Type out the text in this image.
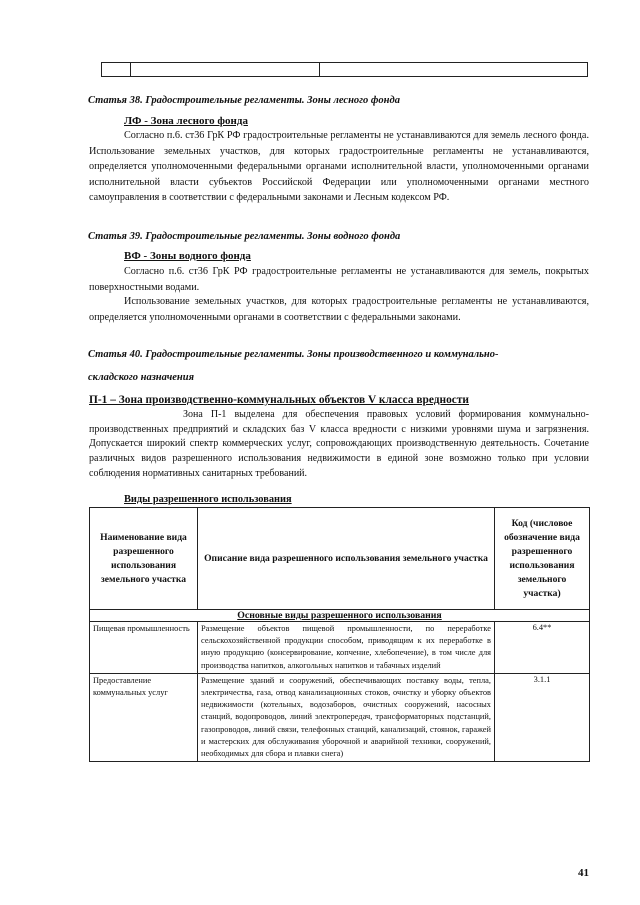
Статья 38. Градостроительные регламенты. Зоны лесного фонда
ЛФ - Зона лесного фонда

Согласно п.6. ст36 ГрК РФ градостроительные регламенты не устанавливаются для земель лесного фонда. Использование земельных участков, для которых градостроительные регламенты не устанавливаются, определяется уполномоченными федеральными органами исполнительной власти, уполномоченными органами исполнительной власти субъектов Российской Федерации или уполномоченными органами местного самоуправления в соответствии с федеральными законами и Лесным кодексом РФ.

Статья 39. Градостроительные регламенты. Зоны водного фонда
ВФ - Зоны водного фонда

Согласно п.6. ст36 ГрК РФ градостроительные регламенты не устанавливаются для земель, покрытых поверхностными водами.

Использование земельных участков, для которых градостроительные регламенты не устанавливаются, определяется уполномоченными органами в соответствии с федеральными законами.

Статья 40. Градостроительные регламенты. Зоны производственного и коммунально-
складского назначения
П-1 – Зона производственно-коммунальных объектов V класса вредности

Зона П-1 выделена для обеспечения правовых условий формирования коммунально-производственных предприятий и складских баз V класса вредности с низкими уровнями шума и загрязнения. Допускается широкий спектр коммерческих услуг, сопровождающих производственную деятельность. Сочетание различных видов разрешенного использования недвижимости в единой зоне возможно только при условии соблюдения нормативных санитарных требований.

Виды разрешенного использования
Наименование вида разрешенного использования земельного участка	Описание вида разрешенного использования земельного участка	Код (числовое обозначение вида разрешенного использования земельного участка)
Основные виды разрешенного использования		
Пищевая промышленность	Размещение объектов пищевой промышленности, по переработке сельскохозяйственной продукции способом, приводящим к их переработке в иную продукцию (консервирование, копчение, хлебопечение), в том числе для производства напитков, алкогольных напитков и табачных изделий	6.4**
Предоставление коммунальных услуг	Размещение зданий и сооружений, обеспечивающих поставку воды, тепла, электричества, газа, отвод канализационных стоков, очистку и уборку объектов недвижимости (котельных, водозаборов, очистных сооружений, насосных станций, водопроводов, линий электропередач, трансформаторных подстанций, газопроводов, линий связи, телефонных станций, канализаций, стоянок, гаражей и мастерских для обслуживания уборочной и аварийной техники, сооружений, необходимых для сбора и плавки снега)	3.1.1
41
